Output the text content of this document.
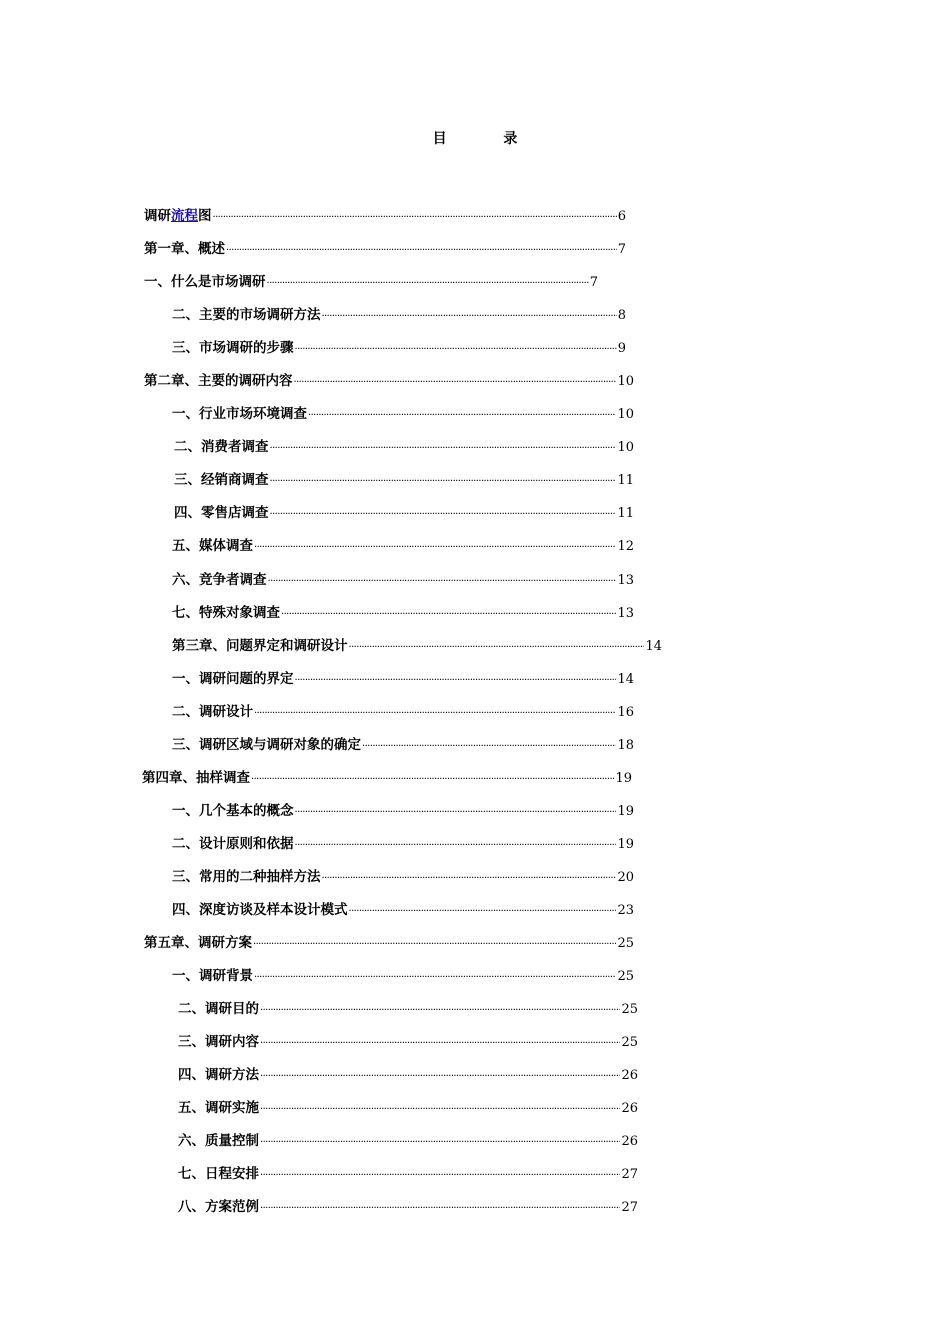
目 录
调研流程图 ·····	6
第一章、概述 ·····	7
一、什么是市场调研 ·····	7
二、主要的市场调研方法 ·····	8
三、市场调研的步骤 ·····	9
第二章、主要的调研内容 ·····	10
一、行业市场环境调查 ·····	10
二、消费者调查 ·····	10
三、经销商调查 ·····	11
四、零售店调查 ·····	11
五、媒体调查 ·····	12
六、竞争者调查 ·····	13
七、特殊对象调查 ·····	13
第三章、问题界定和调研设计 ·····	14
一、调研问题的界定 ·····	14
二、调研设计 ·····	16
三、调研区域与调研对象的确定 ·····	18
第四章、抽样调查 ·····	19
一、几个基本的概念 ·····	19
二、设计原则和依据 ·····	19
三、常用的二种抽样方法 ·····	20
四、深度访谈及样本设计模式 ·····	23
第五章、调研方案 ·····	25
一、调研背景 ·····	25
二、调研目的 ·····	25
三、调研内容 ·····	25
四、调研方法 ·····	26
五、调研实施 ·····	26
六、质量控制 ·····	26
七、日程安排 ·····	27
八、方案范例 ·····	27
